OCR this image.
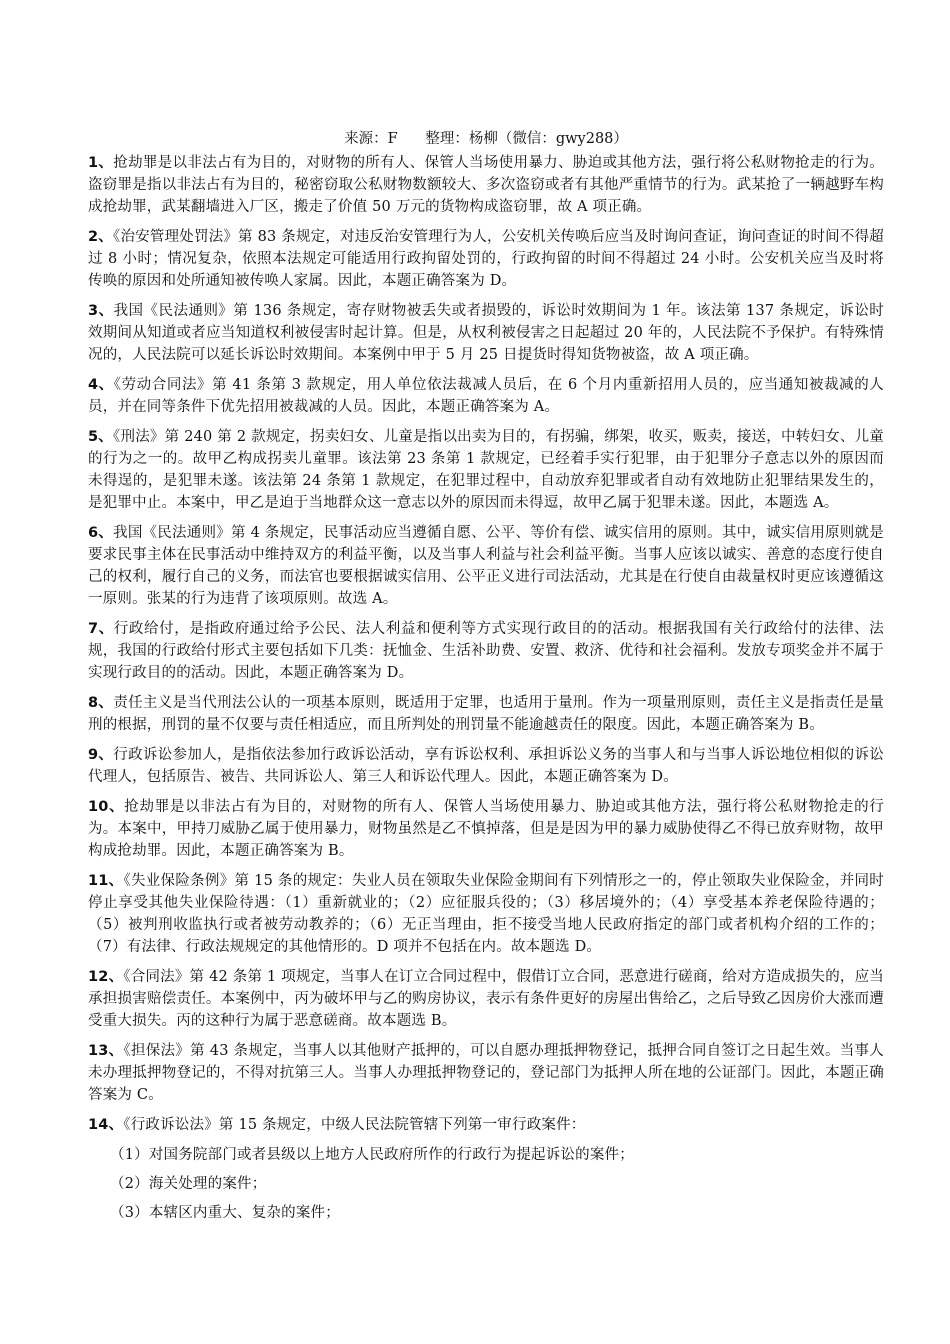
来源：F 整理：杨柳（微信：gwy288）

1、抢劫罪是以非法占有为目的，对财物的所有人、保管人当场使用暴力、胁迫或其他方法，强行将公私财物抢走的行为。盗窃罪是指以非法占有为目的，秘密窃取公私财物数额较大、多次盗窃或者有其他严重情节的行为。武某抢了一辆越野车构成抢劫罪，武某翻墙进入厂区，搬走了价值 50 万元的货物构成盗窃罪，故 A 项正确。

2、《治安管理处罚法》第 83 条规定，对违反治安管理行为人，公安机关传唤后应当及时询问查证，询问查证的时间不得超过 8 小时；情况复杂，依照本法规定可能适用行政拘留处罚的，行政拘留的时间不得超过 24 小时。公安机关应当及时将传唤的原因和处所通知被传唤人家属。因此，本题正确答案为 D。

3、我国《民法通则》第 136 条规定，寄存财物被丢失或者损毁的，诉讼时效期间为 1 年。该法第 137 条规定，诉讼时效期间从知道或者应当知道权利被侵害时起计算。但是，从权利被侵害之日起超过 20 年的，人民法院不予保护。有特殊情况的，人民法院可以延长诉讼时效期间。本案例中甲于 5 月 25 日提货时得知货物被盗，故 A 项正确。

4、《劳动合同法》第 41 条第 3 款规定，用人单位依法裁减人员后，在 6 个月内重新招用人员的，应当通知被裁减的人员，并在同等条件下优先招用被裁减的人员。因此，本题正确答案为 A。

5、《刑法》第 240 第 2 款规定，拐卖妇女、儿童是指以出卖为目的，有拐骗，绑架，收买，贩卖，接送，中转妇女、儿童的行为之一的。故甲乙构成拐卖儿童罪。该法第 23 条第 1 款规定，已经着手实行犯罪，由于犯罪分子意志以外的原因而未得逞的，是犯罪未遂。该法第 24 条第 1 款规定，在犯罪过程中，自动放弃犯罪或者自动有效地防止犯罪结果发生的，是犯罪中止。本案中，甲乙是迫于当地群众这一意志以外的原因而未得逗，故甲乙属于犯罪未遂。因此，本题选 A。

6、我国《民法通则》第 4 条规定，民事活动应当遵循自愿、公平、等价有偿、诚实信用的原则。其中，诚实信用原则就是要求民事主体在民事活动中维持双方的利益平衡，以及当事人利益与社会利益平衡。当事人应该以诚实、善意的态度行使自己的权利，履行自己的义务，而法官也要根据诚实信用、公平正义进行司法活动，尤其是在行使自由裁量权时更应该遵循这一原则。张某的行为违背了该项原则。故选 A。

7、行政给付，是指政府通过给予公民、法人利益和便利等方式实现行政目的的活动。根据我国有关行政给付的法律、法规，我国的行政给付形式主要包括如下几类：抚恤金、生活补助费、安置、救济、优待和社会福利。发放专项奖金并不属于实现行政目的的活动。因此，本题正确答案为 D。

8、责任主义是当代刑法公认的一项基本原则，既适用于定罪，也适用于量刑。作为一项量刑原则，责任主义是指责任是量刑的根据，刑罚的量不仅要与责任相适应，而且所判处的刑罚量不能逾越责任的限度。因此，本题正确答案为 B。

9、行政诉讼参加人，是指依法参加行政诉讼活动，享有诉讼权利、承担诉讼义务的当事人和与当事人诉讼地位相似的诉讼代理人，包括原告、被告、共同诉讼人、第三人和诉讼代理人。因此，本题正确答案为 D。

10、抢劫罪是以非法占有为目的，对财物的所有人、保管人当场使用暴力、胁迫或其他方法，强行将公私财物抢走的行为。本案中，甲持刀威胁乙属于使用暴力，财物虽然是乙不慎掉落，但是是因为甲的暴力威胁使得乙不得已放弃财物，故甲构成抢劫罪。因此，本题正确答案为 B。

11、《失业保险条例》第 15 条的规定：失业人员在领取失业保险金期间有下列情形之一的，停止领取失业保险金，并同时停止享受其他失业保险待遇：（1）重新就业的；（2）应征服兵役的；（3）移居境外的；（4）享受基本养老保险待遇的；（5）被判刑收监执行或者被劳动教养的；（6）无正当理由，拒不接受当地人民政府指定的部门或者机构介绍的工作的；（7）有法律、行政法规规定的其他情形的。D 项并不包括在内。故本题选 D。

12、《合同法》第 42 条第 1 项规定，当事人在订立合同过程中，假借订立合同，恶意进行磋商，给对方造成损失的，应当承担损害赔偿责任。本案例中，丙为破坏甲与乙的购房协议，表示有条件更好的房屋出售给乙，之后导致乙因房价大涨而遭受重大损失。丙的这种行为属于恶意磋商。故本题选 B。

13、《担保法》第 43 条规定，当事人以其他财产抵押的，可以自愿办理抵押物登记，抵押合同自签订之日起生效。当事人未办理抵押物登记的，不得对抗第三人。当事人办理抵押物登记的，登记部门为抵押人所在地的公证部门。因此，本题正确答案为 C。

14、《行政诉讼法》第 15 条规定，中级人民法院管辖下列第一审行政案件：

（1）对国务院部门或者县级以上地方人民政府所作的行政行为提起诉讼的案件；

（2）海关处理的案件；

（3）本辖区内重大、复杂的案件；
